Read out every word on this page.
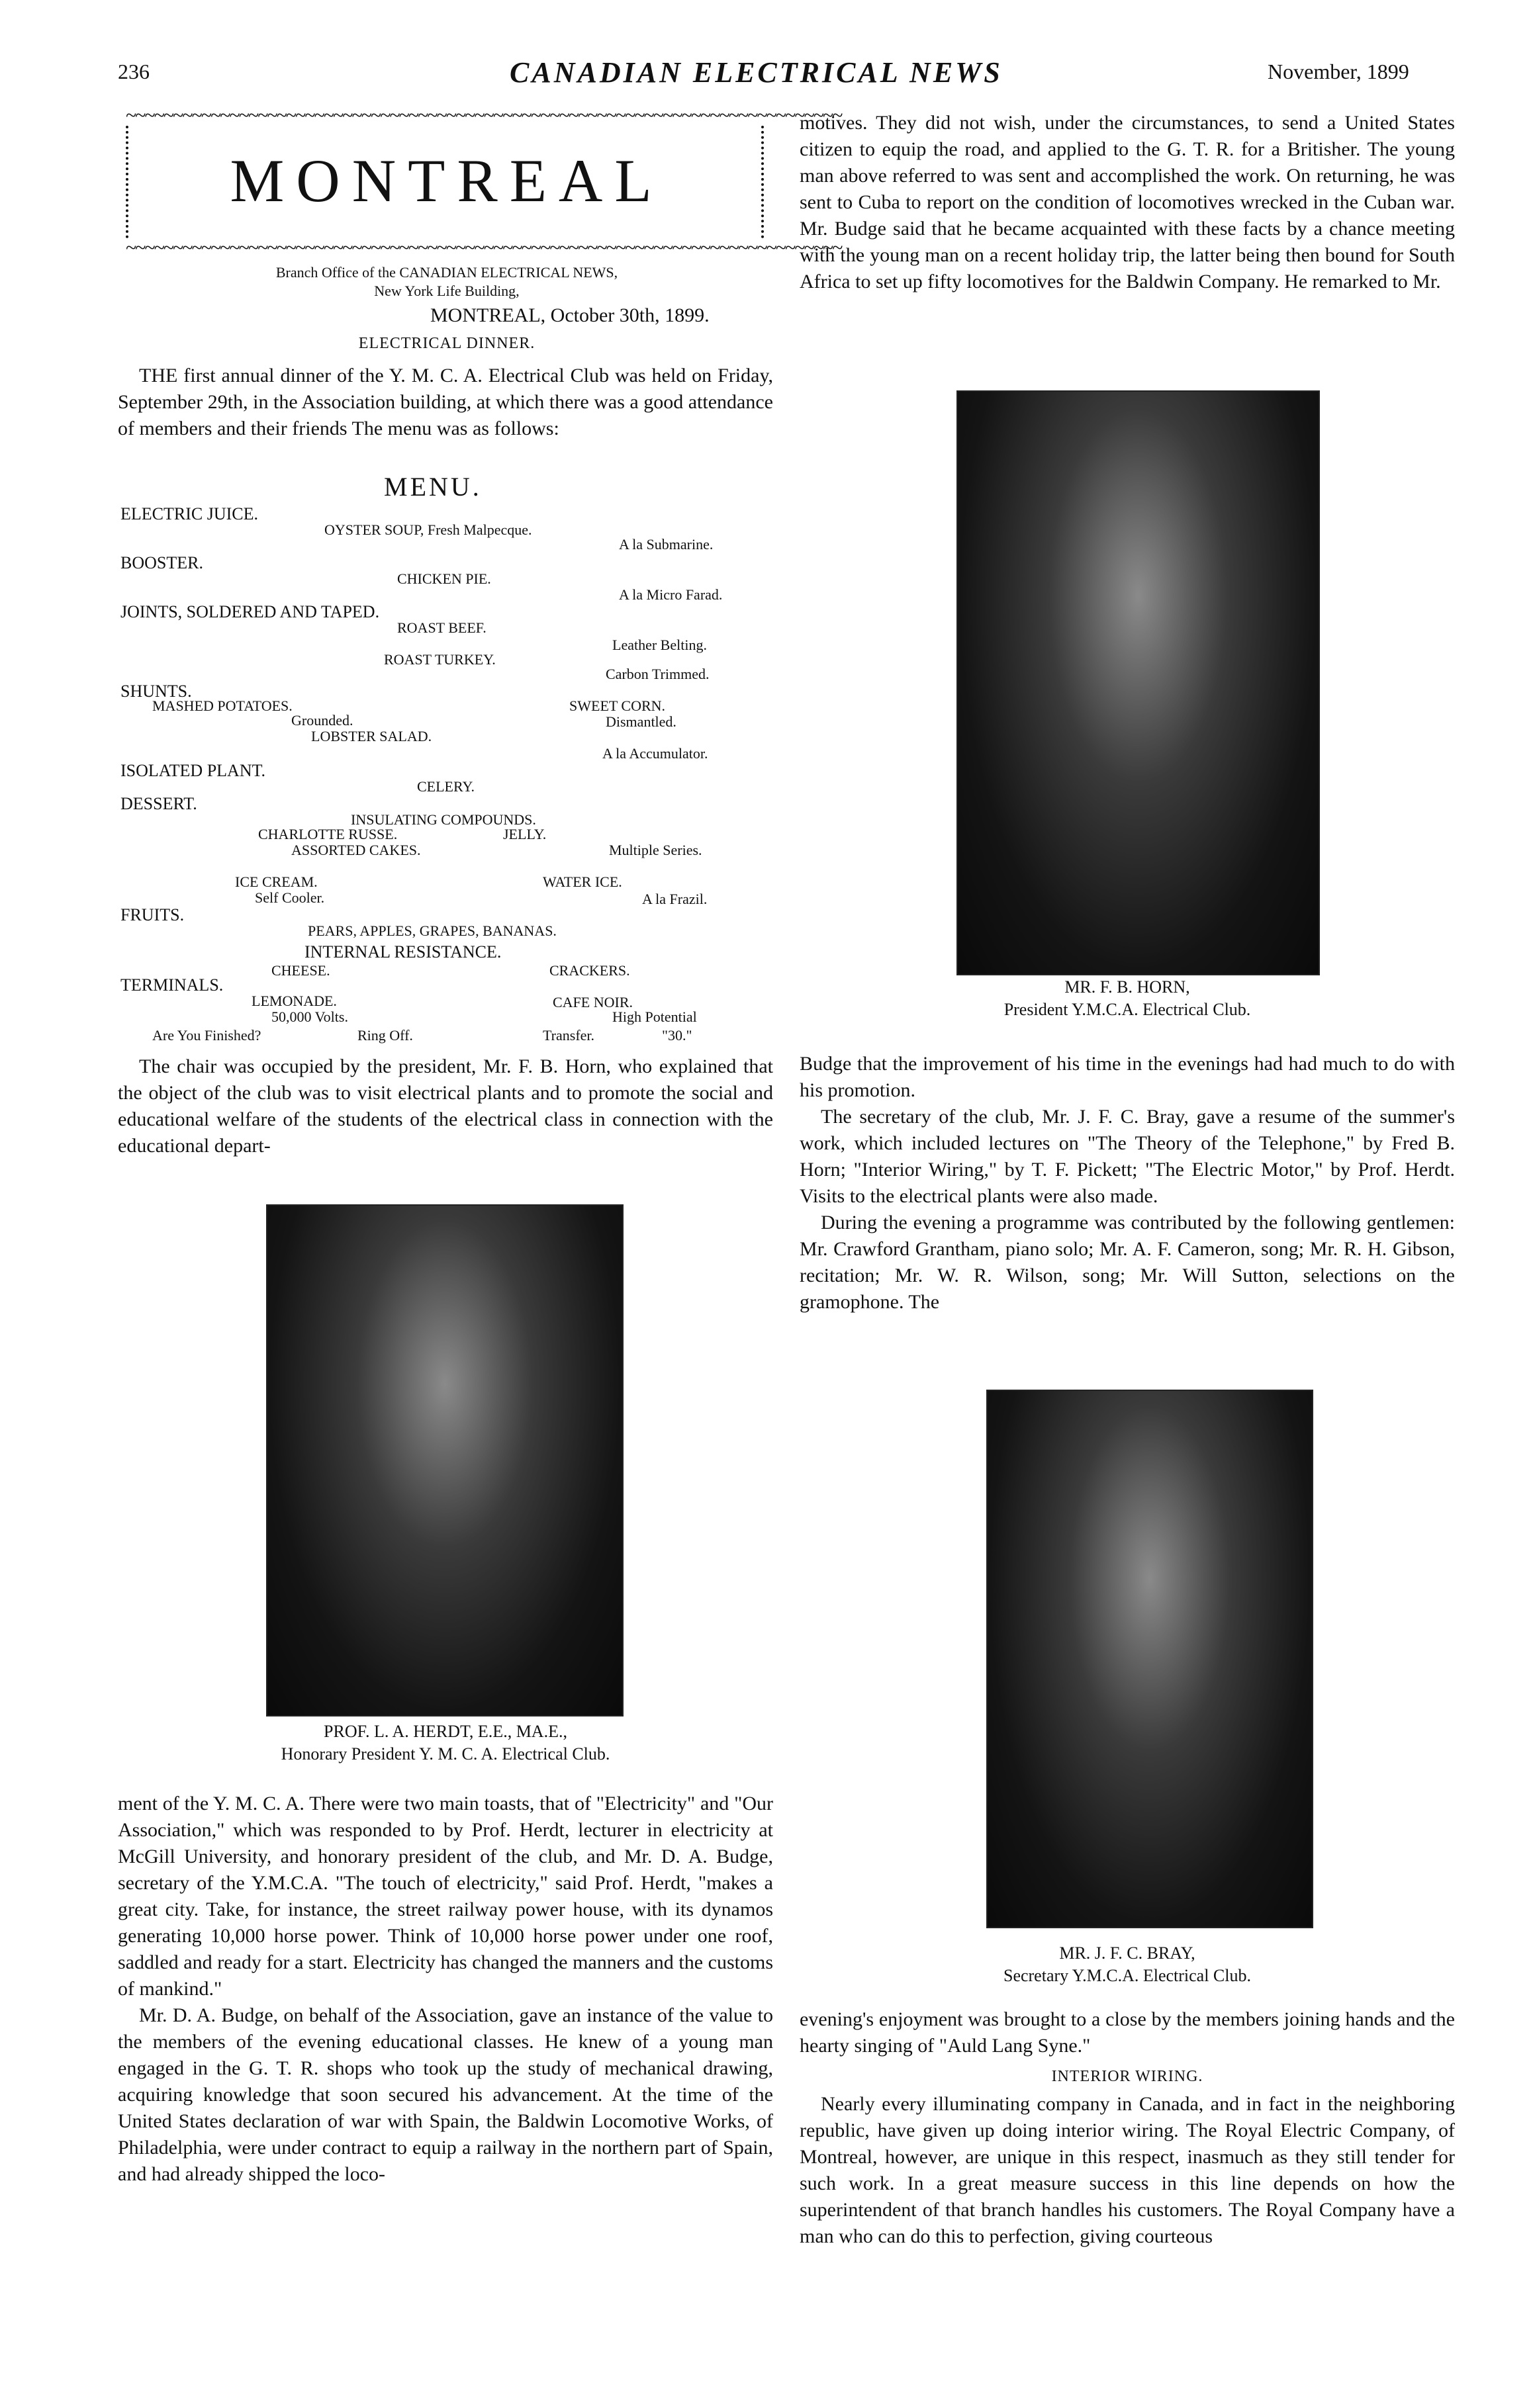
236	CANADIAN ELECTRICAL NEWS	November, 1899
~~~~~~~~~~~~~~~~~~~~~~~~~~~~~~~~~~~~~~~~~~~~~~~~~~~~~~~~~~~~~~~~~~~~~~~~~~~~
MONTREAL
~~~~~~~~~~~~~~~~~~~~~~~~~~~~~~~~~~~~~~~~~~~~~~~~~~~~~~~~~~~~~~~~~~~~~~~~~~~~
Branch Office of the CANADIAN ELECTRICAL NEWS,
New York Life Building,
MONTREAL, October 30th, 1899.
ELECTRICAL DINNER.

THE first annual dinner of the Y. M. C. A. Electrical Club was held on Friday, September 29th, in the Association building, at which there was a good attendance of members and their friends The menu was as follows:

MENU.
ELECTRIC JUICE.
OYSTER SOUP, Fresh Malpecque.
A la Submarine.
BOOSTER.
CHICKEN PIE.
A la Micro Farad.
JOINTS, SOLDERED AND TAPED.
ROAST BEEF.
Leather Belting.
ROAST TURKEY.
Carbon Trimmed.
SHUNTS.
MASHED POTATOES.	SWEET CORN.
Grounded.	Dismantled.
LOBSTER SALAD.
A la Accumulator.
ISOLATED PLANT.
CELERY.
DESSERT.
INSULATING COMPOUNDS.
CHARLOTTE RUSSE.	JELLY.
ASSORTED CAKES.	Multiple Series.
ICE CREAM.	WATER ICE.
Self Cooler.	A la Frazil.
FRUITS.
PEARS, APPLES, GRAPES, BANANAS.
INTERNAL RESISTANCE.
CHEESE.	CRACKERS.
TERMINALS.
LEMONADE.	CAFE NOIR.
50,000 Volts.	High Potential
Are You Finished?	Ring Off.	Transfer.	"30."

The chair was occupied by the president, Mr. F. B. Horn, who explained that the object of the club was to visit electrical plants and to promote the social and educational welfare of the students of the electrical class in connection with the educational depart-

PROF. L. A. HERDT, E.E., MA.E.,
Honorary President Y. M. C. A. Electrical Club.

ment of the Y. M. C. A. There were two main toasts, that of "Electricity" and "Our Association," which was responded to by Prof. Herdt, lecturer in electricity at McGill University, and honorary president of the club, and Mr. D. A. Budge, secretary of the Y.M.C.A. "The touch of electricity," said Prof. Herdt, "makes a great city. Take, for instance, the street railway power house, with its dynamos generating 10,000 horse power. Think of 10,000 horse power under one roof, saddled and ready for a start. Electricity has changed the manners and the customs of mankind."

Mr. D. A. Budge, on behalf of the Association, gave an instance of the value to the members of the evening educational classes. He knew of a young man engaged in the G. T. R. shops who took up the study of mechanical drawing, acquiring knowledge that soon secured his advancement. At the time of the United States declaration of war with Spain, the Baldwin Locomotive Works, of Philadelphia, were under contract to equip a railway in the northern part of Spain, and had already shipped the loco-

motives. They did not wish, under the circumstances, to send a United States citizen to equip the road, and applied to the G. T. R. for a Britisher. The young man above referred to was sent and accomplished the work. On returning, he was sent to Cuba to report on the condition of locomotives wrecked in the Cuban war. Mr. Budge said that he became acquainted with these facts by a chance meeting with the young man on a recent holiday trip, the latter being then bound for South Africa to set up fifty locomotives for the Baldwin Company. He remarked to Mr.

MR. F. B. HORN,
President Y.M.C.A. Electrical Club.

Budge that the improvement of his time in the evenings had had much to do with his promotion.

The secretary of the club, Mr. J. F. C. Bray, gave a resume of the summer's work, which included lectures on "The Theory of the Telephone," by Fred B. Horn; "Interior Wiring," by T. F. Pickett; "The Electric Motor," by Prof. Herdt. Visits to the electrical plants were also made.

During the evening a programme was contributed by the following gentlemen: Mr. Crawford Grantham, piano solo; Mr. A. F. Cameron, song; Mr. R. H. Gibson, recitation; Mr. W. R. Wilson, song; Mr. Will Sutton, selections on the gramophone. The

MR. J. F. C. BRAY,
Secretary Y.M.C.A. Electrical Club.

evening's enjoyment was brought to a close by the members joining hands and the hearty singing of "Auld Lang Syne."

INTERIOR WIRING.

Nearly every illuminating company in Canada, and in fact in the neighboring republic, have given up doing interior wiring. The Royal Electric Company, of Montreal, however, are unique in this respect, inasmuch as they still tender for such work. In a great measure success in this line depends on how the superintendent of that branch handles his customers. The Royal Company have a man who can do this to perfection, giving courteous
